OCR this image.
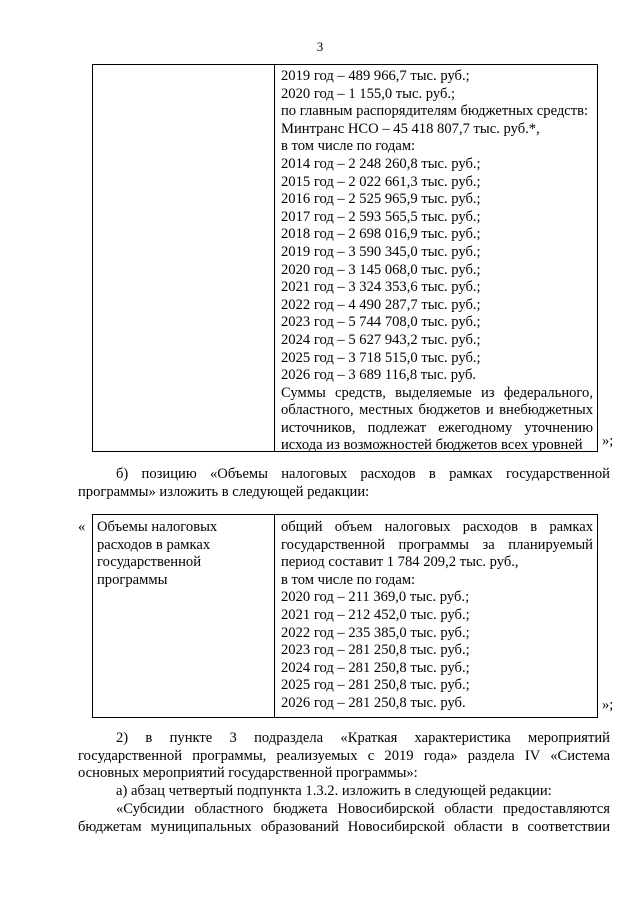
3
2019 год – 489 966,7 тыс. руб.;
2020 год – 1 155,0 тыс. руб.;
по главным распорядителям бюджетных средств:
Минтранс НСО – 45 418 807,7 тыс. руб.*,
в том числе по годам:
2014 год – 2 248 260,8 тыс. руб.;
2015 год – 2 022 661,3 тыс. руб.;
2016 год – 2 525 965,9 тыс. руб.;
2017 год – 2 593 565,5 тыс. руб.;
2018 год – 2 698 016,9 тыс. руб.;
2019 год – 3 590 345,0 тыс. руб.;
2020 год – 3 145 068,0 тыс. руб.;
2021 год – 3 324 353,6 тыс. руб.;
2022 год – 4 490 287,7 тыс. руб.;
2023 год – 5 744 708,0 тыс. руб.;
2024 год – 5 627 943,2 тыс. руб.;
2025 год – 3 718 515,0 тыс. руб.;
2026 год – 3 689 116,8 тыс. руб.
Суммы средств, выделяемые из федерального,
областного, местных бюджетов и внебюджетных
источников, подлежат ежегодному уточнению
исхода из возможностей бюджетов всех уровней	»;
б) позицию «Объемы налоговых расходов в рамках государственной
программы» изложить в следующей редакции:
« Объемы налоговых
расходов в рамках
государственной
программы
общий объем налоговых расходов в рамках
государственной программы за планируемый
период составит 1 784 209,2 тыс. руб.,
в том числе по годам:
2020 год – 211 369,0 тыс. руб.;
2021 год – 212 452,0 тыс. руб.;
2022 год – 235 385,0 тыс. руб.;
2023 год – 281 250,8 тыс. руб.;
2024 год – 281 250,8 тыс. руб.;
2025 год – 281 250,8 тыс. руб.;
2026 год – 281 250,8 тыс. руб.	»;
2) в пункте 3 подраздела «Краткая характеристика мероприятий
государственной программы, реализуемых с 2019 года» раздела IV «Система
основных мероприятий государственной программы»:
а) абзац четвертый подпункта 1.3.2. изложить в следующей редакции:
«Субсидии областного бюджета Новосибирской области предоставляются
бюджетам муниципальных образований Новосибирской области в соответствии
